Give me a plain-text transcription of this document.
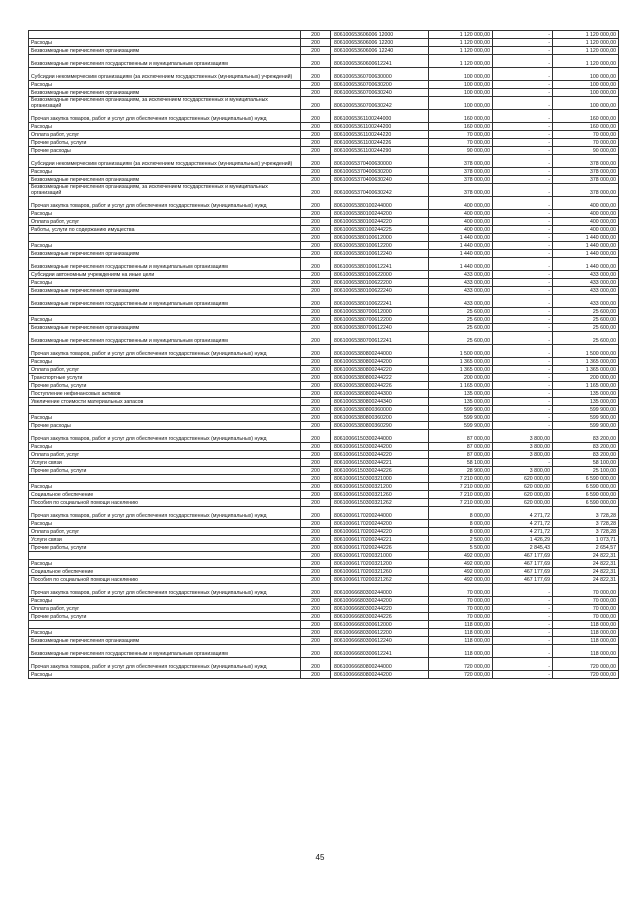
	200	806100653606006 12000	1 120 000,00	-	1 120 000,00
Расходы	200	806100653606006 12200	1 120 000,00	-	1 120 000,00
Безвозмездные перечисления организациям	200	806100653606006 12240	1 120 000,00	-	1 120 000,00
Безвозмездные перечисления государственным и муниципальным организациям	200	80610065360600612241	1 120 000,00	-	1 120 000,00
Субсидии некоммерческим организациям (за исключением государственных (муниципальных) учреждений)	200	80610065360700630000	100 000,00	-	100 000,00
Расходы	200	80610065360700630200	100 000,00	-	100 000,00
Безвозмездные перечисления организациям	200	80610065360700630240	100 000,00	-	100 000,00
Безвозмездные перечисления организациям, за исключением государственных и муниципальных организаций	200	80610065360700630242	100 000,00	-	100 000,00
Прочая закупка товаров, работ и услуг для обеспечения государственных (муниципальных) нужд	200	80610065361100244000	160 000,00	-	160 000,00
Расходы	200	80610065361100244200	160 000,00	-	160 000,00
Оплата работ, услуг	200	80610065361100244220	70 000,00	-	70 000,00
Прочие работы, услуги	200	80610065361100244226	70 000,00	-	70 000,00
Прочие расходы	200	80610065361100244290	90 000,00	-	90 000,00
Субсидии некоммерческим организациям (за исключением государственных (муниципальных) учреждений)	200	80610065370400630000	378 000,00	-	378 000,00
Расходы	200	80610065370400630200	378 000,00	-	378 000,00
Безвозмездные перечисления организациям	200	80610065370400630240	378 000,00	-	378 000,00
Безвозмездные перечисления организациям, за исключением государственных и муниципальных организаций	200	80610065370400630242	378 000,00	-	378 000,00
Прочая закупка товаров, работ и услуг для обеспечения государственных (муниципальных) нужд	200	80610065380100244000	400 000,00	-	400 000,00
Расходы	200	80610065380100244200	400 000,00	-	400 000,00
Оплата работ, услуг	200	80610065380100244220	400 000,00	-	400 000,00
Работы, услуги по содержанию имущества	200	80610065380100244225	400 000,00	-	400 000,00
	200	80610065380100612000	1 440 000,00	-	1 440 000,00
Расходы	200	80610065380100612200	1 440 000,00	-	1 440 000,00
Безвозмездные перечисления организациям	200	80610065380100612240	1 440 000,00	-	1 440 000,00
Безвозмездные перечисления государственным и муниципальным организациям	200	80610065380100612241	1 440 000,00	-	1 440 000,00
Субсидии автономным учреждениям на иные цели	200	80610065380100622000	433 000,00	-	433 000,00
Расходы	200	80610065380100622200	433 000,00	-	433 000,00
Безвозмездные перечисления организациям	200	80610065380100622240	433 000,00	-	433 000,00
Безвозмездные перечисления государственным и муниципальным организациям	200	80610065380100622241	433 000,00	-	433 000,00
	200	80610065380700612000	25 600,00	-	25 600,00
Расходы	200	80610065380700612200	25 600,00	-	25 600,00
Безвозмездные перечисления организациям	200	80610065380700612240	25 600,00	-	25 600,00
Безвозмездные перечисления государственным и муниципальным организациям	200	80610065380700612241	25 600,00	-	25 600,00
Прочая закупка товаров, работ и услуг для обеспечения государственных (муниципальных) нужд	200	80610065380800244000	1 500 000,00	-	1 500 000,00
Расходы	200	80610065380800244200	1 365 000,00	-	1 365 000,00
Оплата работ, услуг	200	80610065380800244220	1 365 000,00	-	1 365 000,00
Транспортные услуги	200	80610065380800244222	200 000,00	-	200 000,00
Прочие работы, услуги	200	80610065380800244226	1 165 000,00	-	1 165 000,00
Поступление нефинансовых активов	200	80610065380800244300	135 000,00	-	135 000,00
Увеличение стоимости материальных запасов	200	80610065380800244340	135 000,00	-	135 000,00
	200	80610065380800360000	599 900,00	-	599 900,00
Расходы	200	80610065380800360200	599 900,00	-	599 900,00
Прочие расходы	200	80610065380800360290	599 900,00	-	599 900,00
Прочая закупка товаров, работ и услуг для обеспечения государственных (муниципальных) нужд	200	80610066150300244000	87 000,00	3 800,00	83 200,00
Расходы	200	80610066150300244200	87 000,00	3 800,00	83 200,00
Оплата работ, услуг	200	80610066150300244220	87 000,00	3 800,00	83 200,00
Услуги связи	200	80610066150300244221	58 100,00	-	58 100,00
Прочие работы, услуги	200	80610066150300244226	28 900,00	3 800,00	25 100,00
	200	80610066150300321000	7 210 000,00	620 000,00	6 590 000,00
Расходы	200	80610066150300321200	7 210 000,00	620 000,00	6 590 000,00
Социальное обеспечение	200	80610066150300321260	7 210 000,00	620 000,00	6 590 000,00
Пособия по социальной помощи населению	200	80610066150300321262	7 210 000,00	620 000,00	6 590 000,00
Прочая закупка товаров, работ и услуг для обеспечения государственных (муниципальных) нужд	200	80610066170200244000	8 000,00	4 271,72	3 728,28
Расходы	200	80610066170200244200	8 000,00	4 271,72	3 728,28
Оплата работ, услуг	200	80610066170200244220	8 000,00	4 271,72	3 728,28
Услуги связи	200	80610066170200244221	2 500,00	1 426,29	1 073,71
Прочие работы, услуги	200	80610066170200244226	5 500,00	2 845,43	2 654,57
	200	80610066170200321000	492 000,00	467 177,69	24 822,31
Расходы	200	80610066170200321200	492 000,00	467 177,69	24 822,31
Социальное обеспечение	200	80610066170200321260	492 000,00	467 177,69	24 822,31
Пособия по социальной помощи населению	200	80610066170200321262	492 000,00	467 177,69	24 822,31
Прочая закупка товаров, работ и услуг для обеспечения государственных (муниципальных) нужд	200	80610066680300244000	70 000,00	-	70 000,00
Расходы	200	80610066680300244200	70 000,00	-	70 000,00
Оплата работ, услуг	200	80610066680300244220	70 000,00	-	70 000,00
Прочие работы, услуги	200	80610066680300244226	70 000,00	-	70 000,00
	200	80610066680300612000	118 000,00	-	118 000,00
Расходы	200	80610066680300612200	118 000,00	-	118 000,00
Безвозмездные перечисления организациям	200	80610066680300612240	118 000,00	-	118 000,00
Безвозмездные перечисления государственным и муниципальным организациям	200	80610066680300612241	118 000,00	-	118 000,00
Прочая закупка товаров, работ и услуг для обеспечения государственных (муниципальных) нужд	200	80610066680800244000	720 000,00	-	720 000,00
Расходы	200	80610066680800244200	720 000,00	-	720 000,00
45
